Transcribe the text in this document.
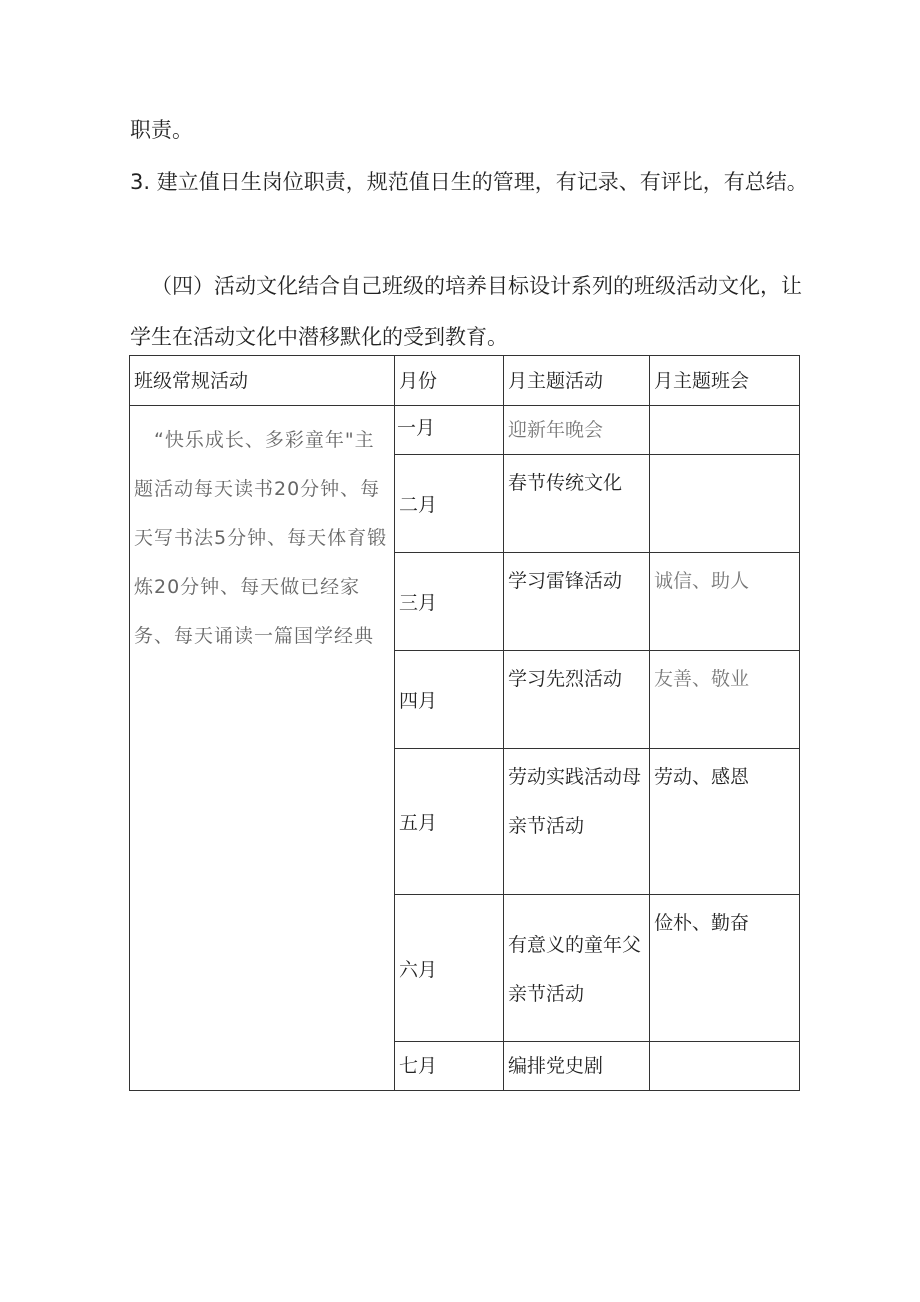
职责。

3. 建立值日生岗位职责，规范值日生的管理，有记录、有评比，有总结。

（四）活动文化结合自己班级的培养目标设计系列的班级活动文化，让学生在活动文化中潜移默化的受到教育。

班级常规活动	月份	月主题活动	月主题班会

“快乐成长、多彩童年"主题活动每天读书20分钟、每天写书法5分钟、每天体育锻炼20分钟、每天做已经家务、每天诵读一篇国学经典	一月	迎新年晚会	

	二月	春节传统文化	

	三月	学习雷锋活动	诚信、助人

	四月	学习先烈活动	友善、敬业

	五月	劳动实践活动母亲节活动	劳动、感恩

	六月	有意义的童年父亲节活动	俭朴、勤奋

	七月	编排党史剧	
